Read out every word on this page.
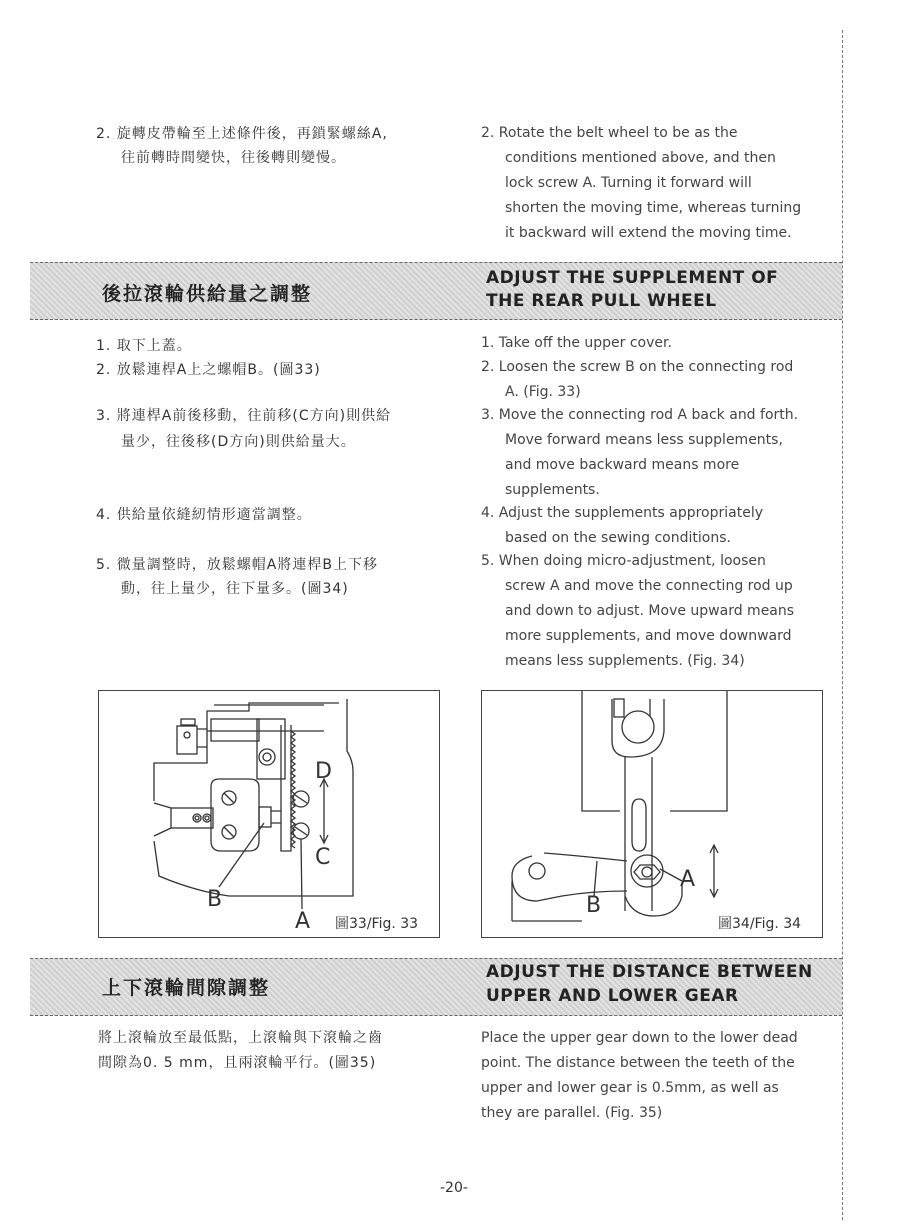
2. 旋轉皮帶輪至上述條件後，再鎖緊螺絲A,
往前轉時間變快，往後轉則變慢。
2. Rotate the belt wheel to be as the
conditions mentioned above, and then
lock screw A. Turning it forward will
shorten the moving time, whereas turning
it backward will extend the moving time.
後拉滾輪供給量之調整
ADJUST THE SUPPLEMENT OF
THE REAR PULL WHEEL
1. 取下上蓋。
2. 放鬆連桿A上之螺帽B。(圖33)
3. 將連桿A前後移動，往前移(C方向)則供給
量少，往後移(D方向)則供給量大。
4. 供給量依縫紉情形適當調整。
5. 微量調整時，放鬆螺帽A將連桿B上下移
動，往上量少，往下量多。(圖34)
1. Take off the upper cover.
2. Loosen the screw B on the connecting rod
A. (Fig. 33)
3. Move the connecting rod A back and forth.
Move forward means less supplements,
and move backward means more
supplements.
4. Adjust the supplements appropriately
based on the sewing conditions.
5. When doing micro-adjustment, loosen
screw A and move the connecting rod up
and down to adjust. Move upward means
more supplements, and move downward
means less supplements. (Fig. 34)
D
C
B
A 圖33/Fig. 33
A
B
圖34/Fig. 34
上下滾輪間隙調整
ADJUST THE DISTANCE BETWEEN
UPPER AND LOWER GEAR
將上滾輪放至最低點，上滾輪與下滾輪之齒
間隙為0. 5 mm，且兩滾輪平行。(圖35)
Place the upper gear down to the lower dead
point. The distance between the teeth of the
upper and lower gear is 0.5mm, as well as
they are parallel. (Fig. 35)
-20-
